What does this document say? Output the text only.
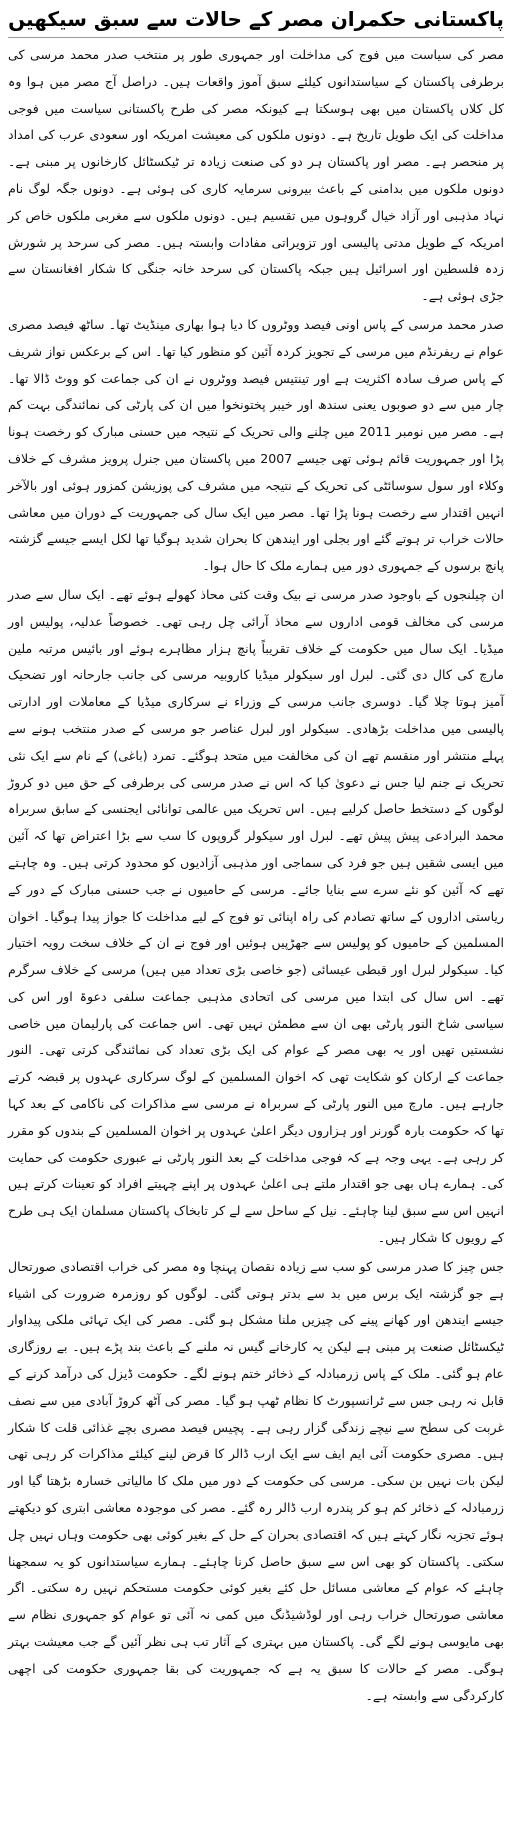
پاکستانی حکمران مصر کے حالات سے سبق سیکھیں

مصر کی سیاست میں فوج کی مداخلت اور جمہوری طور پر منتخب صدر محمد مرسی کی برطرفی پاکستان کے سیاستدانوں کیلئے سبق آموز واقعات ہیں۔ دراصل آج مصر میں ہوا وہ کل کلاں پاکستان میں بھی ہوسکتا ہے کیونکہ مصر کی طرح پاکستانی سیاست میں فوجی مداخلت کی ایک طویل تاریخ ہے۔ دونوں ملکوں کی معیشت امریکہ اور سعودی عرب کی امداد پر منحصر ہے۔ مصر اور پاکستان ہر دو کی صنعت زیادہ تر ٹیکسٹائل کارخانوں پر مبنی ہے۔ دونوں ملکوں میں بدامنی کے باعث بیرونی سرمایہ کاری کی ہوئی ہے۔ دونوں جگہ لوگ نام نہاد مذہبی اور آزاد خیال گروہوں میں تقسیم ہیں۔ دونوں ملکوں سے مغربی ملکوں خاص کر امریکہ کے طویل مدتی پالیسی اور تزویراتی مفادات وابستہ ہیں۔ مصر کی سرحد پر شورش زدہ فلسطین اور اسرائیل ہیں جبکہ پاکستان کی سرحد خانہ جنگی کا شکار افغانستان سے جڑی ہوئی ہے۔

صدر محمد مرسی کے پاس اونی فیصد ووٹروں کا دیا ہوا بھاری مینڈیٹ تھا۔ ساٹھ فیصد مصری عوام نے ریفرنڈم میں مرسی کے تجویز کردہ آئین کو منظور کیا تھا۔ اس کے برعکس نواز شریف کے پاس صرف سادہ اکثریت ہے اور تینتیس فیصد ووٹروں نے ان کی جماعت کو ووٹ ڈالا تھا۔ چار میں سے دو صوبوں یعنی سندھ اور خیبر پختونخوا میں ان کی پارٹی کی نمائندگی بہت کم ہے۔ مصر میں نومبر 2011 میں چلنے والی تحریک کے نتیجہ میں حسنی مبارک کو رخصت ہونا پڑا اور جمہوریت قائم ہوئی تھی جیسے 2007 میں پاکستان میں جنرل پرویز مشرف کے خلاف وکلاء اور سول سوسائٹی کی تحریک کے نتیجہ میں مشرف کی پوزیشن کمزور ہوئی اور بالآخر انہیں اقتدار سے رخصت ہونا پڑا تھا۔ مصر میں ایک سال کی جمہوریت کے دوران میں معاشی حالات خراب تر ہوتے گئے اور بجلی اور ایندھن کا بحران شدید ہوگیا تھا لکل ایسے جیسے گزشتہ پانچ برسوں کے جمہوری دور میں ہمارے ملک کا حال ہوا۔

ان چیلنجوں کے باوجود صدر مرسی نے بیک وقت کئی محاذ کھولے ہوئے تھے۔ ایک سال سے صدر مرسی کی مخالف قومی اداروں سے محاذ آرائی چل رہی تھی۔ خصوصاً عدلیہ، پولیس اور میڈیا۔ ایک سال میں حکومت کے خلاف تقریباً پانچ ہزار مظاہرے ہوئے اور بائیس مرتبہ ملین مارچ کی کال دی گئی۔ لبرل اور سیکولر میڈیا کاروبیہ مرسی کی جانب جارحانہ اور تضحیک آمیز ہوتا چلا گیا۔ دوسری جانب مرسی کے وزراء نے سرکاری میڈیا کے معاملات اور ادارتی پالیسی میں مداخلت بڑھادی۔ سیکولر اور لبرل عناصر جو مرسی کے صدر منتخب ہونے سے پہلے منتشر اور منقسم تھے ان کی مخالفت میں متحد ہوگئے۔ تمرد (باغی) کے نام سے ایک نئی تحریک نے جنم لیا جس نے دعویٰ کیا کہ اس نے صدر مرسی کی برطرفی کے حق میں دو کروڑ لوگوں کے دستخط حاصل کرلیے ہیں۔ اس تحریک میں عالمی توانائی ایجنسی کے سابق سربراہ محمد البرادعی پیش پیش تھے۔ لبرل اور سیکولر گروپوں کا سب سے بڑا اعتراض تھا کہ آئین میں ایسی شقیں ہیں جو فرد کی سماجی اور مذہبی آزادیوں کو محدود کرتی ہیں۔ وہ چاہتے تھے کہ آئین کو نئے سرے سے بنایا جائے۔ مرسی کے حامیوں نے جب حسنی مبارک کے دور کے ریاستی اداروں کے ساتھ تصادم کی راہ اپنائی تو فوج کے لیے مداخلت کا جواز پیدا ہوگیا۔ اخوان المسلمین کے حامیوں کو پولیس سے جھڑپیں ہوئیں اور فوج نے ان کے خلاف سخت رویہ اختیار کیا۔ سیکولر لبرل اور قبطی عیسائی (جو خاصی بڑی تعداد میں ہیں) مرسی کے خلاف سرگرم تھے۔ اس سال کی ابتدا میں مرسی کی اتحادی مذہبی جماعت سلفی دعوۃ اور اس کی سیاسی شاخ النور پارٹی بھی ان سے مطمئن نہیں تھی۔ اس جماعت کی پارلیمان میں خاصی نشستیں تھیں اور یہ بھی مصر کے عوام کی ایک بڑی تعداد کی نمائندگی کرتی تھی۔ النور جماعت کے ارکان کو شکایت تھی کہ اخوان المسلمین کے لوگ سرکاری عہدوں پر قبضہ کرتے جارہے ہیں۔ مارچ میں النور پارٹی کے سربراہ نے مرسی سے مذاکرات کی ناکامی کے بعد کہا تھا کہ حکومت بارہ گورنر اور ہزاروں دیگر اعلیٰ عہدوں پر اخوان المسلمین کے بندوں کو مقرر کر رہی ہے۔ یہی وجہ ہے کہ فوجی مداخلت کے بعد النور پارٹی نے عبوری حکومت کی حمایت کی۔ ہمارے ہاں بھی جو اقتدار ملتے ہی اعلیٰ عہدوں پر اپنے چہیتے افراد کو تعینات کرتے ہیں انہیں اس سے سبق لینا چاہئے۔ نیل کے ساحل سے لے کر تابخاک پاکستان مسلمان ایک ہی طرح کے رویوں کا شکار ہیں۔

جس چیز کا صدر مرسی کو سب سے زیادہ نقصان پہنچا وہ مصر کی خراب اقتصادی صورتحال ہے جو گزشتہ ایک برس میں بد سے بدتر ہوتی گئی۔ لوگوں کو روزمرہ ضرورت کی اشیاء جیسے ایندھن اور کھانے پینے کی چیزیں ملنا مشکل ہو گئی۔ مصر کی ایک تہائی ملکی پیداوار ٹیکسٹائل صنعت پر مبنی ہے لیکن یہ کارخانے گیس نہ ملنے کے باعث بند پڑے ہیں۔ بے روزگاری عام ہو گئی۔ ملک کے پاس زرمبادلہ کے ذخائر ختم ہونے لگے۔ حکومت ڈیزل کی درآمد کرنے کے قابل نہ رہی جس سے ٹرانسپورٹ کا نظام ٹھپ ہو گیا۔ مصر کی آٹھ کروڑ آبادی میں سے نصف غربت کی سطح سے نیچے زندگی گزار رہی ہے۔ پچیس فیصد مصری بچے غذائی قلت کا شکار ہیں۔ مصری حکومت آئی ایم ایف سے ایک ارب ڈالر کا قرض لینے کیلئے مذاکرات کر رہی تھی لیکن بات نہیں بن سکی۔ مرسی کی حکومت کے دور میں ملک کا مالیاتی خسارہ بڑھتا گیا اور زرمبادلہ کے ذخائر کم ہو کر پندرہ ارب ڈالر رہ گئے۔ مصر کی موجودہ معاشی ابتری کو دیکھتے ہوئے تجزیہ نگار کہتے ہیں کہ اقتصادی بحران کے حل کے بغیر کوئی بھی حکومت وہاں نہیں چل سکتی۔ پاکستان کو بھی اس سے سبق حاصل کرنا چاہئے۔ ہمارے سیاستدانوں کو یہ سمجھنا چاہئے کہ عوام کے معاشی مسائل حل کئے بغیر کوئی حکومت مستحکم نہیں رہ سکتی۔ اگر معاشی صورتحال خراب رہی اور لوڈشیڈنگ میں کمی نہ آئی تو عوام کو جمہوری نظام سے بھی مایوسی ہونے لگے گی۔ پاکستان میں بہتری کے آثار تب ہی نظر آئیں گے جب معیشت بہتر ہوگی۔ مصر کے حالات کا سبق یہ ہے کہ جمہوریت کی بقا جمہوری حکومت کی اچھی کارکردگی سے وابستہ ہے۔
